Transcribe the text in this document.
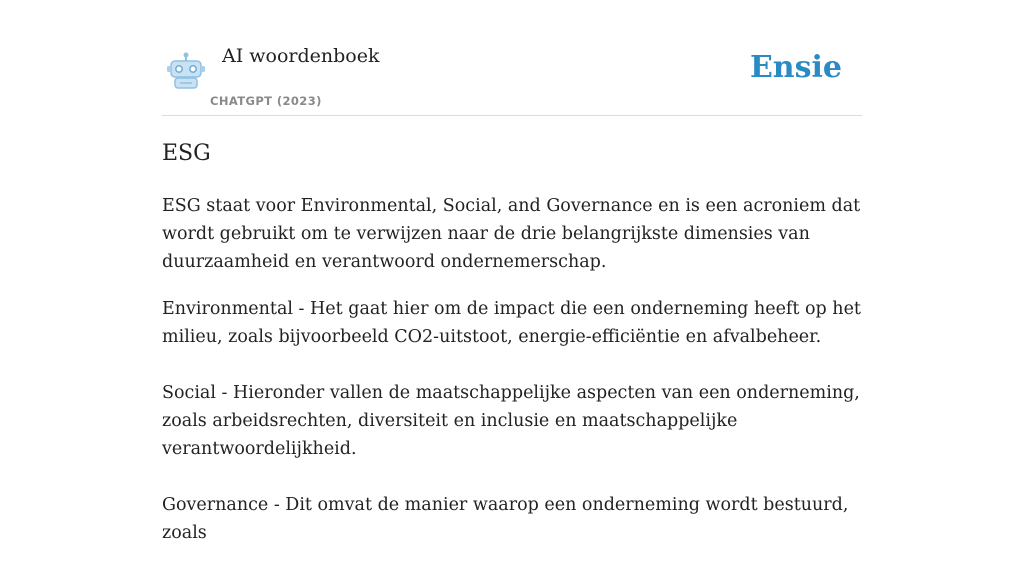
AI woordenboek
CHATGPT (2023)
Ensie
ESG

ESG staat voor Environmental, Social, and Governance en is een acroniem dat wordt gebruikt om te verwijzen naar de drie belangrijkste dimensies van duurzaamheid en verantwoord ondernemerschap.

Environmental - Het gaat hier om de impact die een onderneming heeft op het milieu, zoals bijvoorbeeld CO2-uitstoot, energie-efficiëntie en afvalbeheer.

Social - Hieronder vallen de maatschappelijke aspecten van een onderneming, zoals arbeidsrechten, diversiteit en inclusie en maatschappelijke verantwoordelijkheid.

Governance - Dit omvat de manier waarop een onderneming wordt bestuurd, zoals
